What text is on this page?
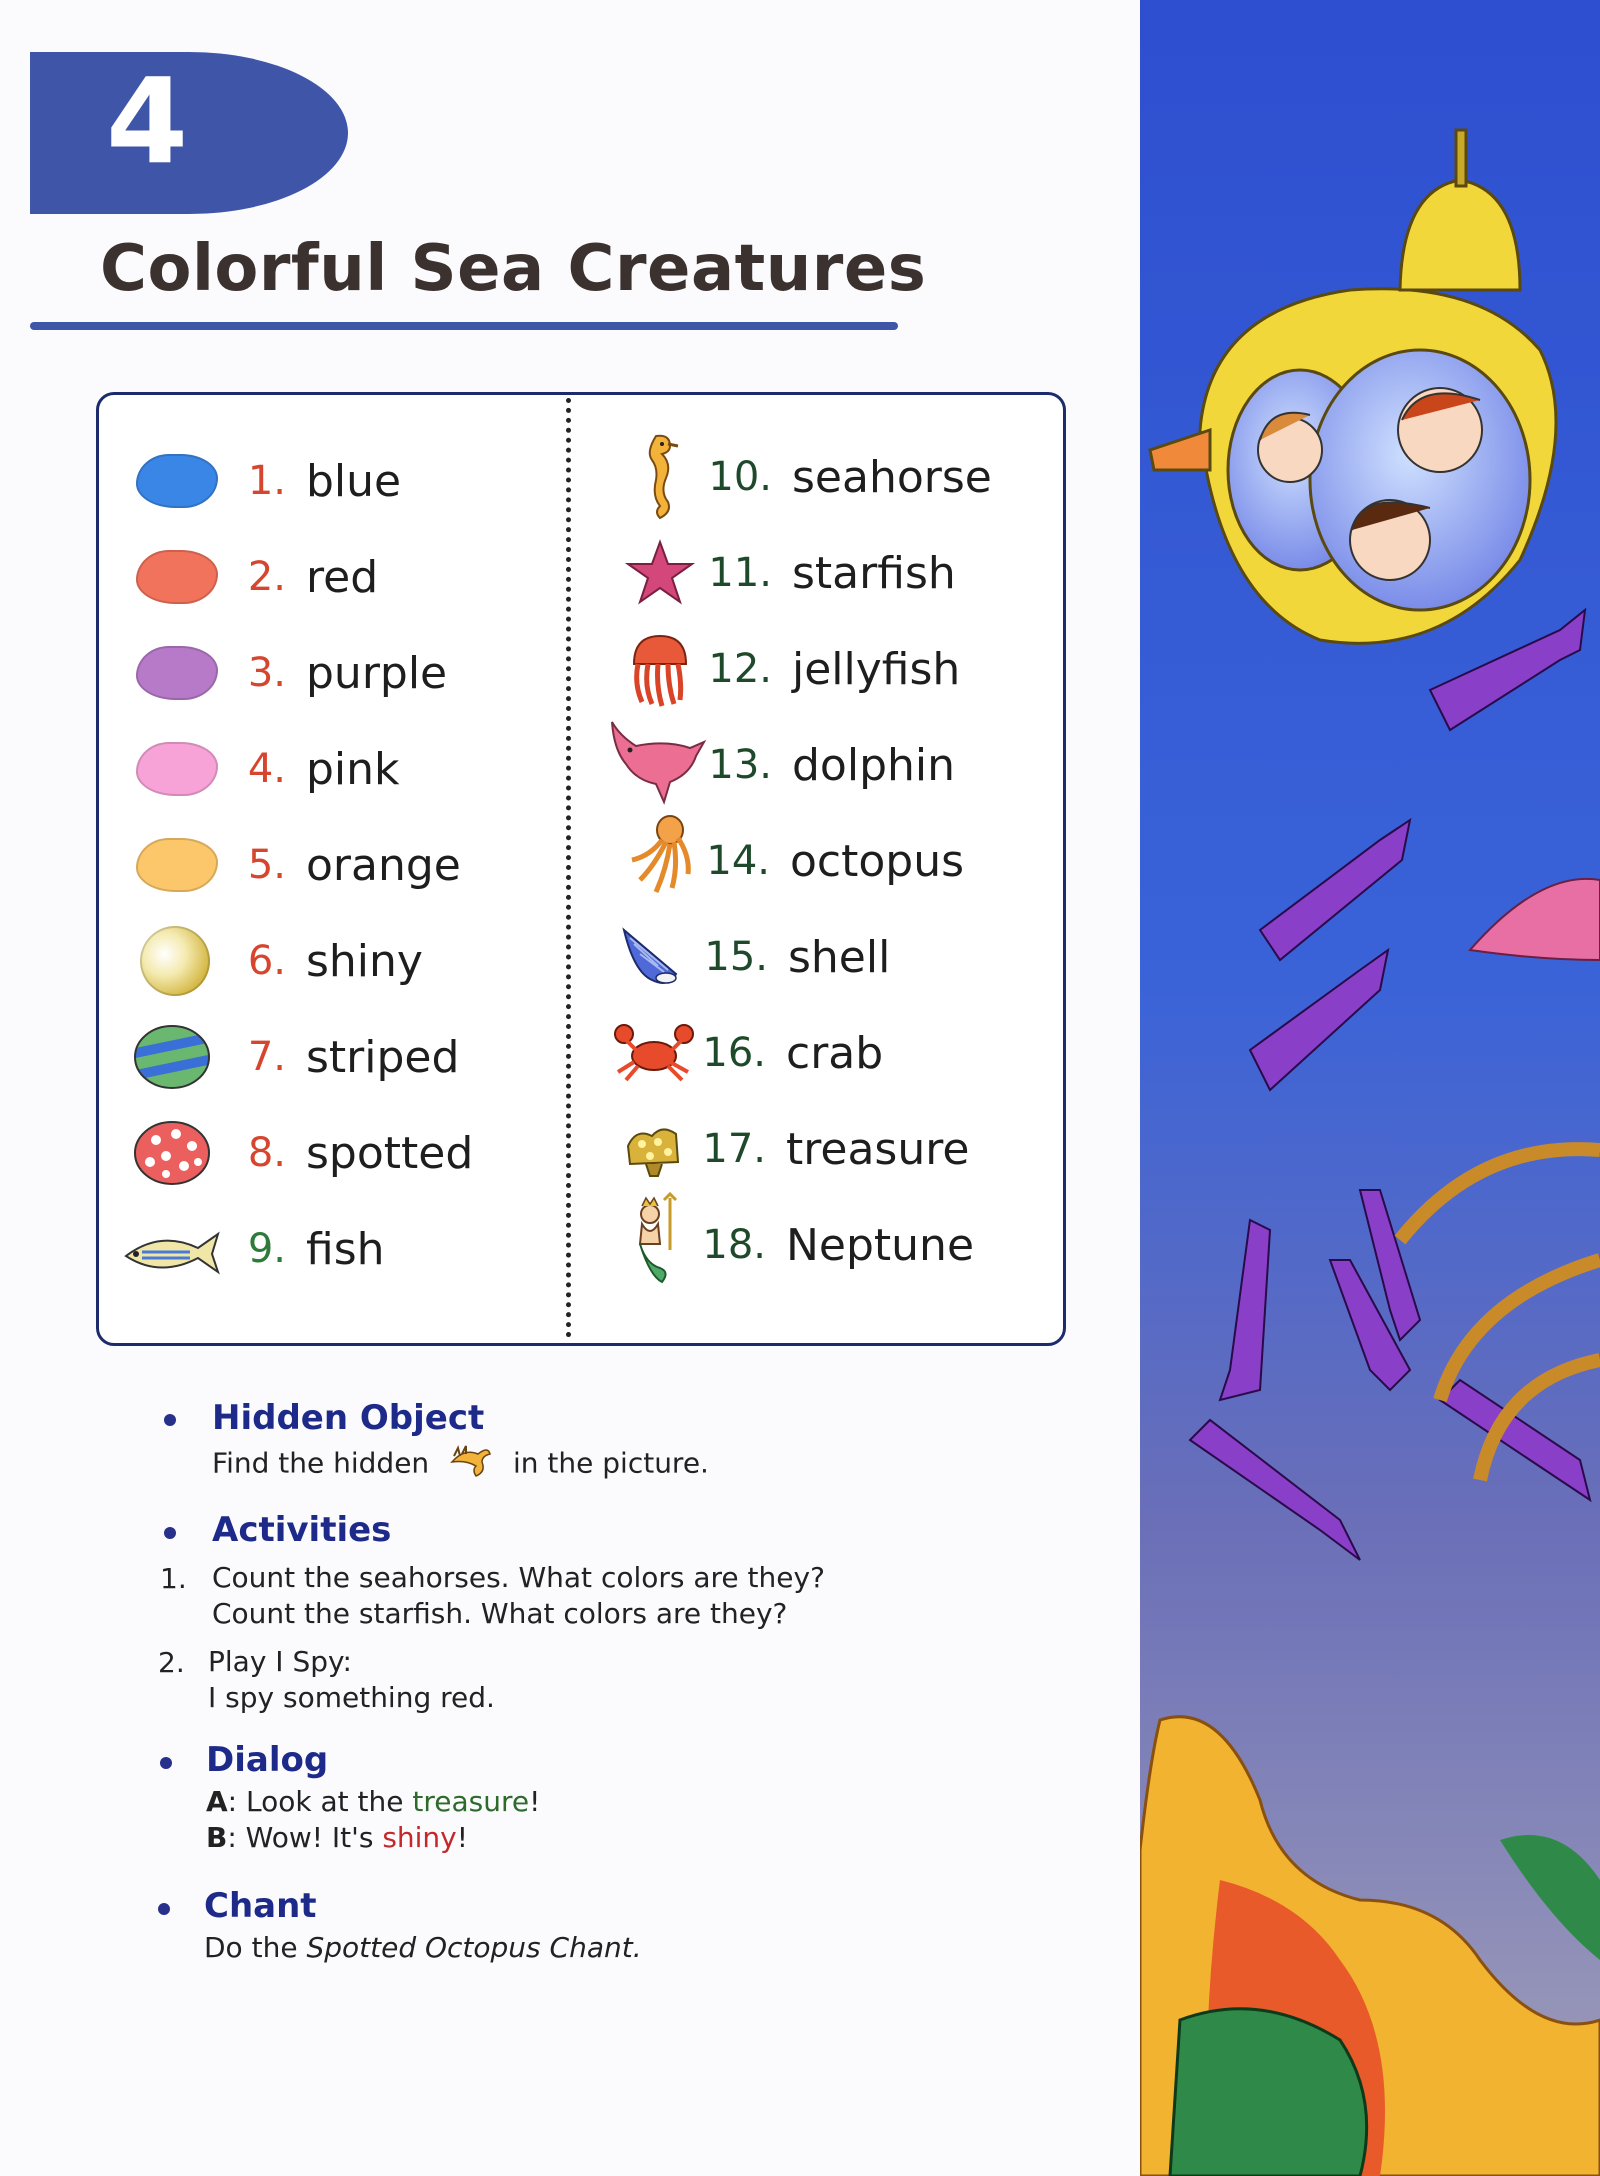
4
Colorful Sea Creatures
1. blue
2. red
3. purple
4. pink
5. orange
6. shiny
7. striped
8. spotted
9. fish
10. seahorse
11. starfish
12. jellyfish
13. dolphin
14. octopus
15. shell
16. crab
17. treasure
18. Neptune
Hidden Object
Find the hidden	in the picture.
Activities
1. Count the seahorses. What colors are they?
Count the starfish. What colors are they?
2. Play I Spy:
I spy something red.
Dialog
A: Look at the treasure!
B: Wow! It's shiny!
Chant
Do the Spotted Octopus Chant.
